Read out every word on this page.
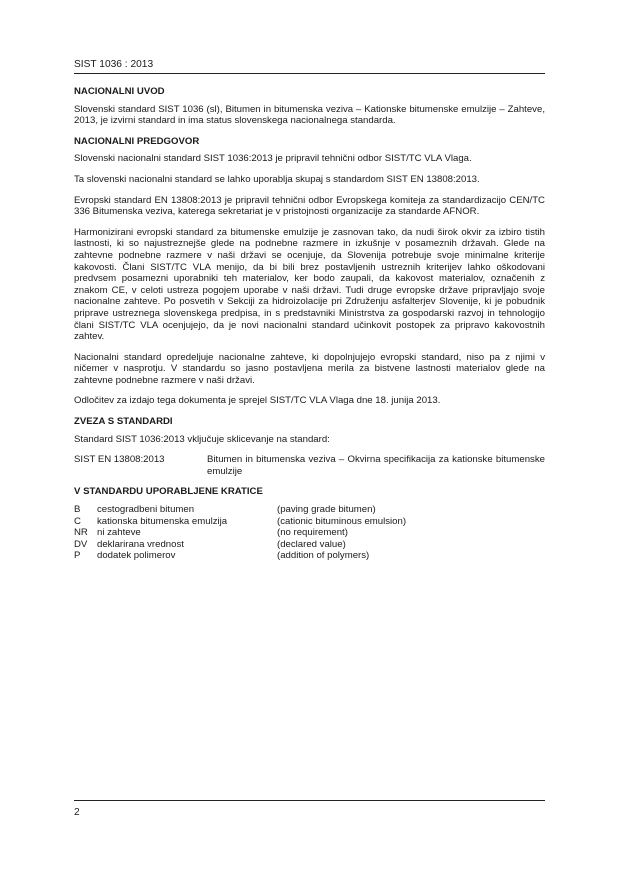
SIST 1036 : 2013
NACIONALNI UVOD

Slovenski standard SIST 1036 (sl), Bitumen in bitumenska veziva – Kationske bitumenske emulzije – Zahteve, 2013, je izvirni standard in ima status slovenskega nacionalnega standarda.

NACIONALNI PREDGOVOR

Slovenski nacionalni standard SIST 1036:2013 je pripravil tehnični odbor SIST/TC VLA Vlaga.

Ta slovenski nacionalni standard se lahko uporablja skupaj s standardom SIST EN 13808:2013.

Evropski standard EN 13808:2013 je pripravil tehnični odbor Evropskega komiteja za standardizacijo CEN/TC 336 Bitumenska veziva, katerega sekretariat je v pristojnosti organizacije za standarde AFNOR.

Harmonizirani evropski standard za bitumenske emulzije je zasnovan tako, da nudi širok okvir za izbiro tistih lastnosti, ki so najustreznejše glede na podnebne razmere in izkušnje v posameznih državah. Glede na zahtevne podnebne razmere v naši državi se ocenjuje, da Slovenija potrebuje svoje minimalne kriterije kakovosti. Člani SIST/TC VLA menijo, da bi bili brez postavljenih ustreznih kriterijev lahko oškodovani predvsem posamezni uporabniki teh materialov, ker bodo zaupali, da kakovost materialov, označenih z znakom CE, v celoti ustreza pogojem uporabe v naši državi. Tudi druge evropske države pripravljajo svoje nacionalne zahteve. Po posvetih v Sekciji za hidroizolacije pri Združenju asfalterjev Slovenije, ki je pobudnik priprave ustreznega slovenskega predpisa, in s predstavniki Ministrstva za gospodarski razvoj in tehnologijo člani SIST/TC VLA ocenjujejo, da je novi nacionalni standard učinkovit postopek za pripravo kakovostnih zahtev.

Nacionalni standard opredeljuje nacionalne zahteve, ki dopolnjujejo evropski standard, niso pa z njimi v ničemer v nasprotju. V standardu so jasno postavljena merila za bistvene lastnosti materialov glede na zahtevne podnebne razmere v naši državi.

Odločitev za izdajo tega dokumenta je sprejel SIST/TC VLA Vlaga dne 18. junija 2013.

ZVEZA S STANDARDI

Standard SIST 1036:2013 vključuje sklicevanje na standard:

SIST EN 13808:2013	Bitumen in bitumenska veziva – Okvirna specifikacija za kationske bitumenske emulzije
V STANDARDU UPORABLJENE KRATICE
B	cestogradbeni bitumen	(paving grade bitumen)
C	kationska bitumenska emulzija	(cationic bituminous emulsion)
NR	ni zahteve	(no requirement)
DV	deklarirana vrednost	(declared value)
P	dodatek polimerov	(addition of polymers)
2
